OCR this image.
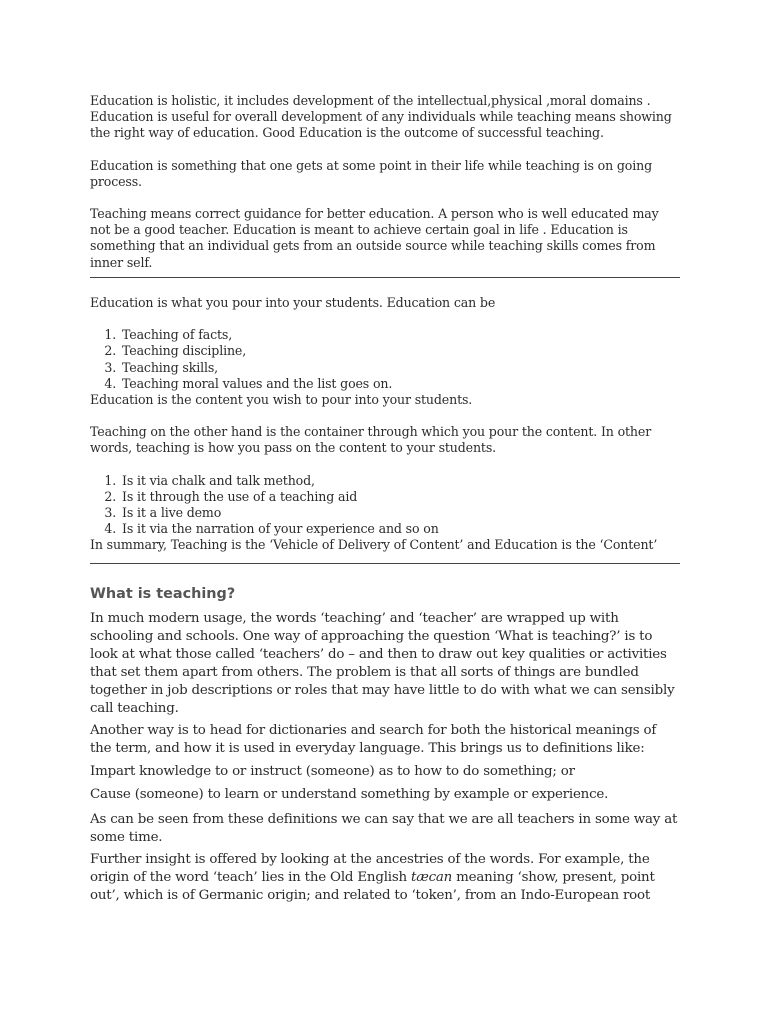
Education is holistic, it includes development of the intellectual,physical ,moral domains . Education is useful for overall development of any individuals while teaching means showing the right way of education. Good Education is the outcome of successful teaching.

Education is something that one gets at some point in their life while teaching is on going process.

Teaching means correct guidance for better education. A person who is well educated may not be a good teacher. Education is meant to achieve certain goal in life . Education is something that an individual gets from an outside source while teaching skills comes from inner self.

Education is what you pour into your students. Education can be

1. Teaching of facts,
2. Teaching discipline,
3. Teaching skills,
4. Teaching moral values and the list goes on.

Education is the content you wish to pour into your students.

Teaching on the other hand is the container through which you pour the content. In other words, teaching is how you pass on the content to your students.

1. Is it via chalk and talk method,
2. Is it through the use of a teaching aid
3. Is it a live demo
4. Is it via the narration of your experience and so on

In summary, Teaching is the ‘Vehicle of Delivery of Content’ and Education is the ‘Content’

What is teaching?

In much modern usage, the words ‘teaching’ and ‘teacher’ are wrapped up with schooling and schools. One way of approaching the question ‘What is teaching?’ is to look at what those called ‘teachers’ do – and then to draw out key qualities or activities that set them apart from others. The problem is that all sorts of things are bundled together in job descriptions or roles that may have little to do with what we can sensibly call teaching.

Another way is to head for dictionaries and search for both the historical meanings of the term, and how it is used in everyday language. This brings us to definitions like:

Impart knowledge to or instruct (someone) as to how to do something; or

Cause (someone) to learn or understand something by example or experience.

As can be seen from these definitions we can say that we are all teachers in some way at some time.

Further insight is offered by looking at the ancestries of the words. For example, the origin of the word ‘teach’ lies in the Old English tæcan meaning ‘show, present, point out’, which is of Germanic origin; and related to ‘token’, from an Indo-European root
